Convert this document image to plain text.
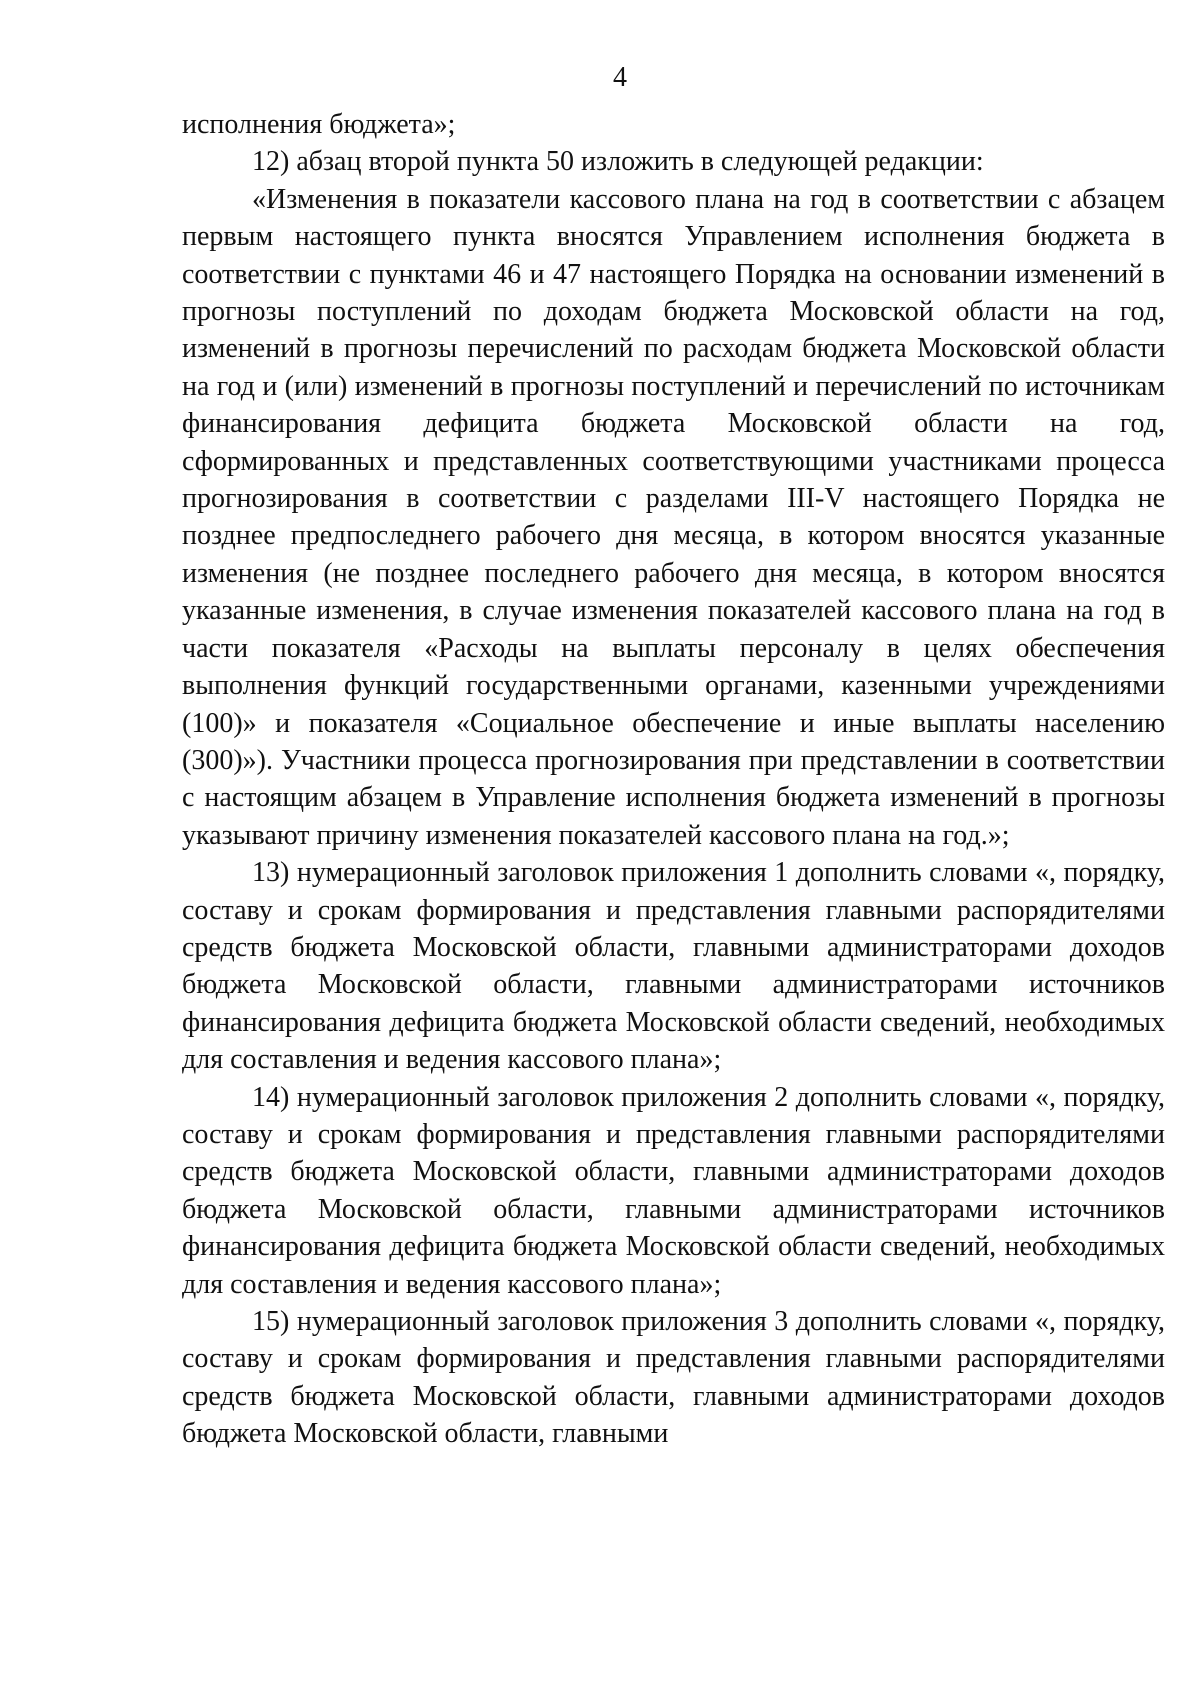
4

исполнения бюджета»;

12) абзац второй пункта 50 изложить в следующей редакции:

«Изменения в показатели кассового плана на год в соответствии с абзацем первым настоящего пункта вносятся Управлением исполнения бюджета в соответствии с пунктами 46 и 47 настоящего Порядка на основании изменений в прогнозы поступлений по доходам бюджета Московской области на год, изменений в прогнозы перечислений по расходам бюджета Московской области на год и (или) изменений в прогнозы поступлений и перечислений по источникам финансирования дефицита бюджета Московской области на год, сформированных и представленных соответствующими участниками процесса прогнозирования в соответствии с разделами III-V настоящего Порядка не позднее предпоследнего рабочего дня месяца, в котором вносятся указанные изменения (не позднее последнего рабочего дня месяца, в котором вносятся указанные изменения, в случае изменения показателей кассового плана на год в части показателя «Расходы на выплаты персоналу в целях обеспечения выполнения функций государственными органами, казенными учреждениями (100)» и показателя «Социальное обеспечение и иные выплаты населению (300)»). Участники процесса прогнозирования при представлении в соответствии с настоящим абзацем в Управление исполнения бюджета изменений в прогнозы указывают причину изменения показателей кассового плана на год.»;

13) нумерационный заголовок приложения 1 дополнить словами «, порядку, составу и срокам формирования и представления главными распорядителями средств бюджета Московской области, главными администраторами доходов бюджета Московской области, главными администраторами источников финансирования дефицита бюджета Московской области сведений, необходимых для составления и ведения кассового плана»;

14) нумерационный заголовок приложения 2 дополнить словами «, порядку, составу и срокам формирования и представления главными распорядителями средств бюджета Московской области, главными администраторами доходов бюджета Московской области, главными администраторами источников финансирования дефицита бюджета Московской области сведений, необходимых для составления и ведения кассового плана»;

15) нумерационный заголовок приложения 3 дополнить словами «, порядку, составу и срокам формирования и представления главными распорядителями средств бюджета Московской области, главными администраторами доходов бюджета Московской области, главными
